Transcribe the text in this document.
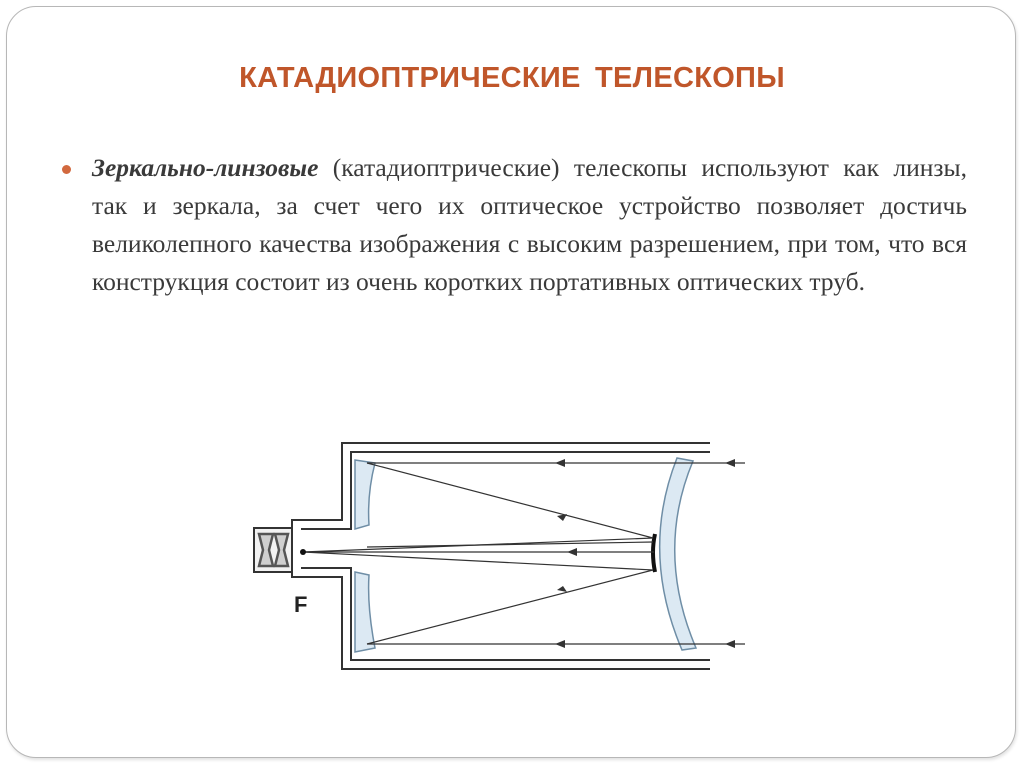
КАТАДИОПТРИЧЕСКИЕ ТЕЛЕСКОПЫ

Зеркально-линзовые (катадиоптрические) телескопы используют как линзы, так и зеркала, за счет чего их оптическое устройство позволяет достичь великолепного качества изображения с высоким разрешением, при том, что вся конструкция состоит из очень коротких портативных оптических труб.

F
